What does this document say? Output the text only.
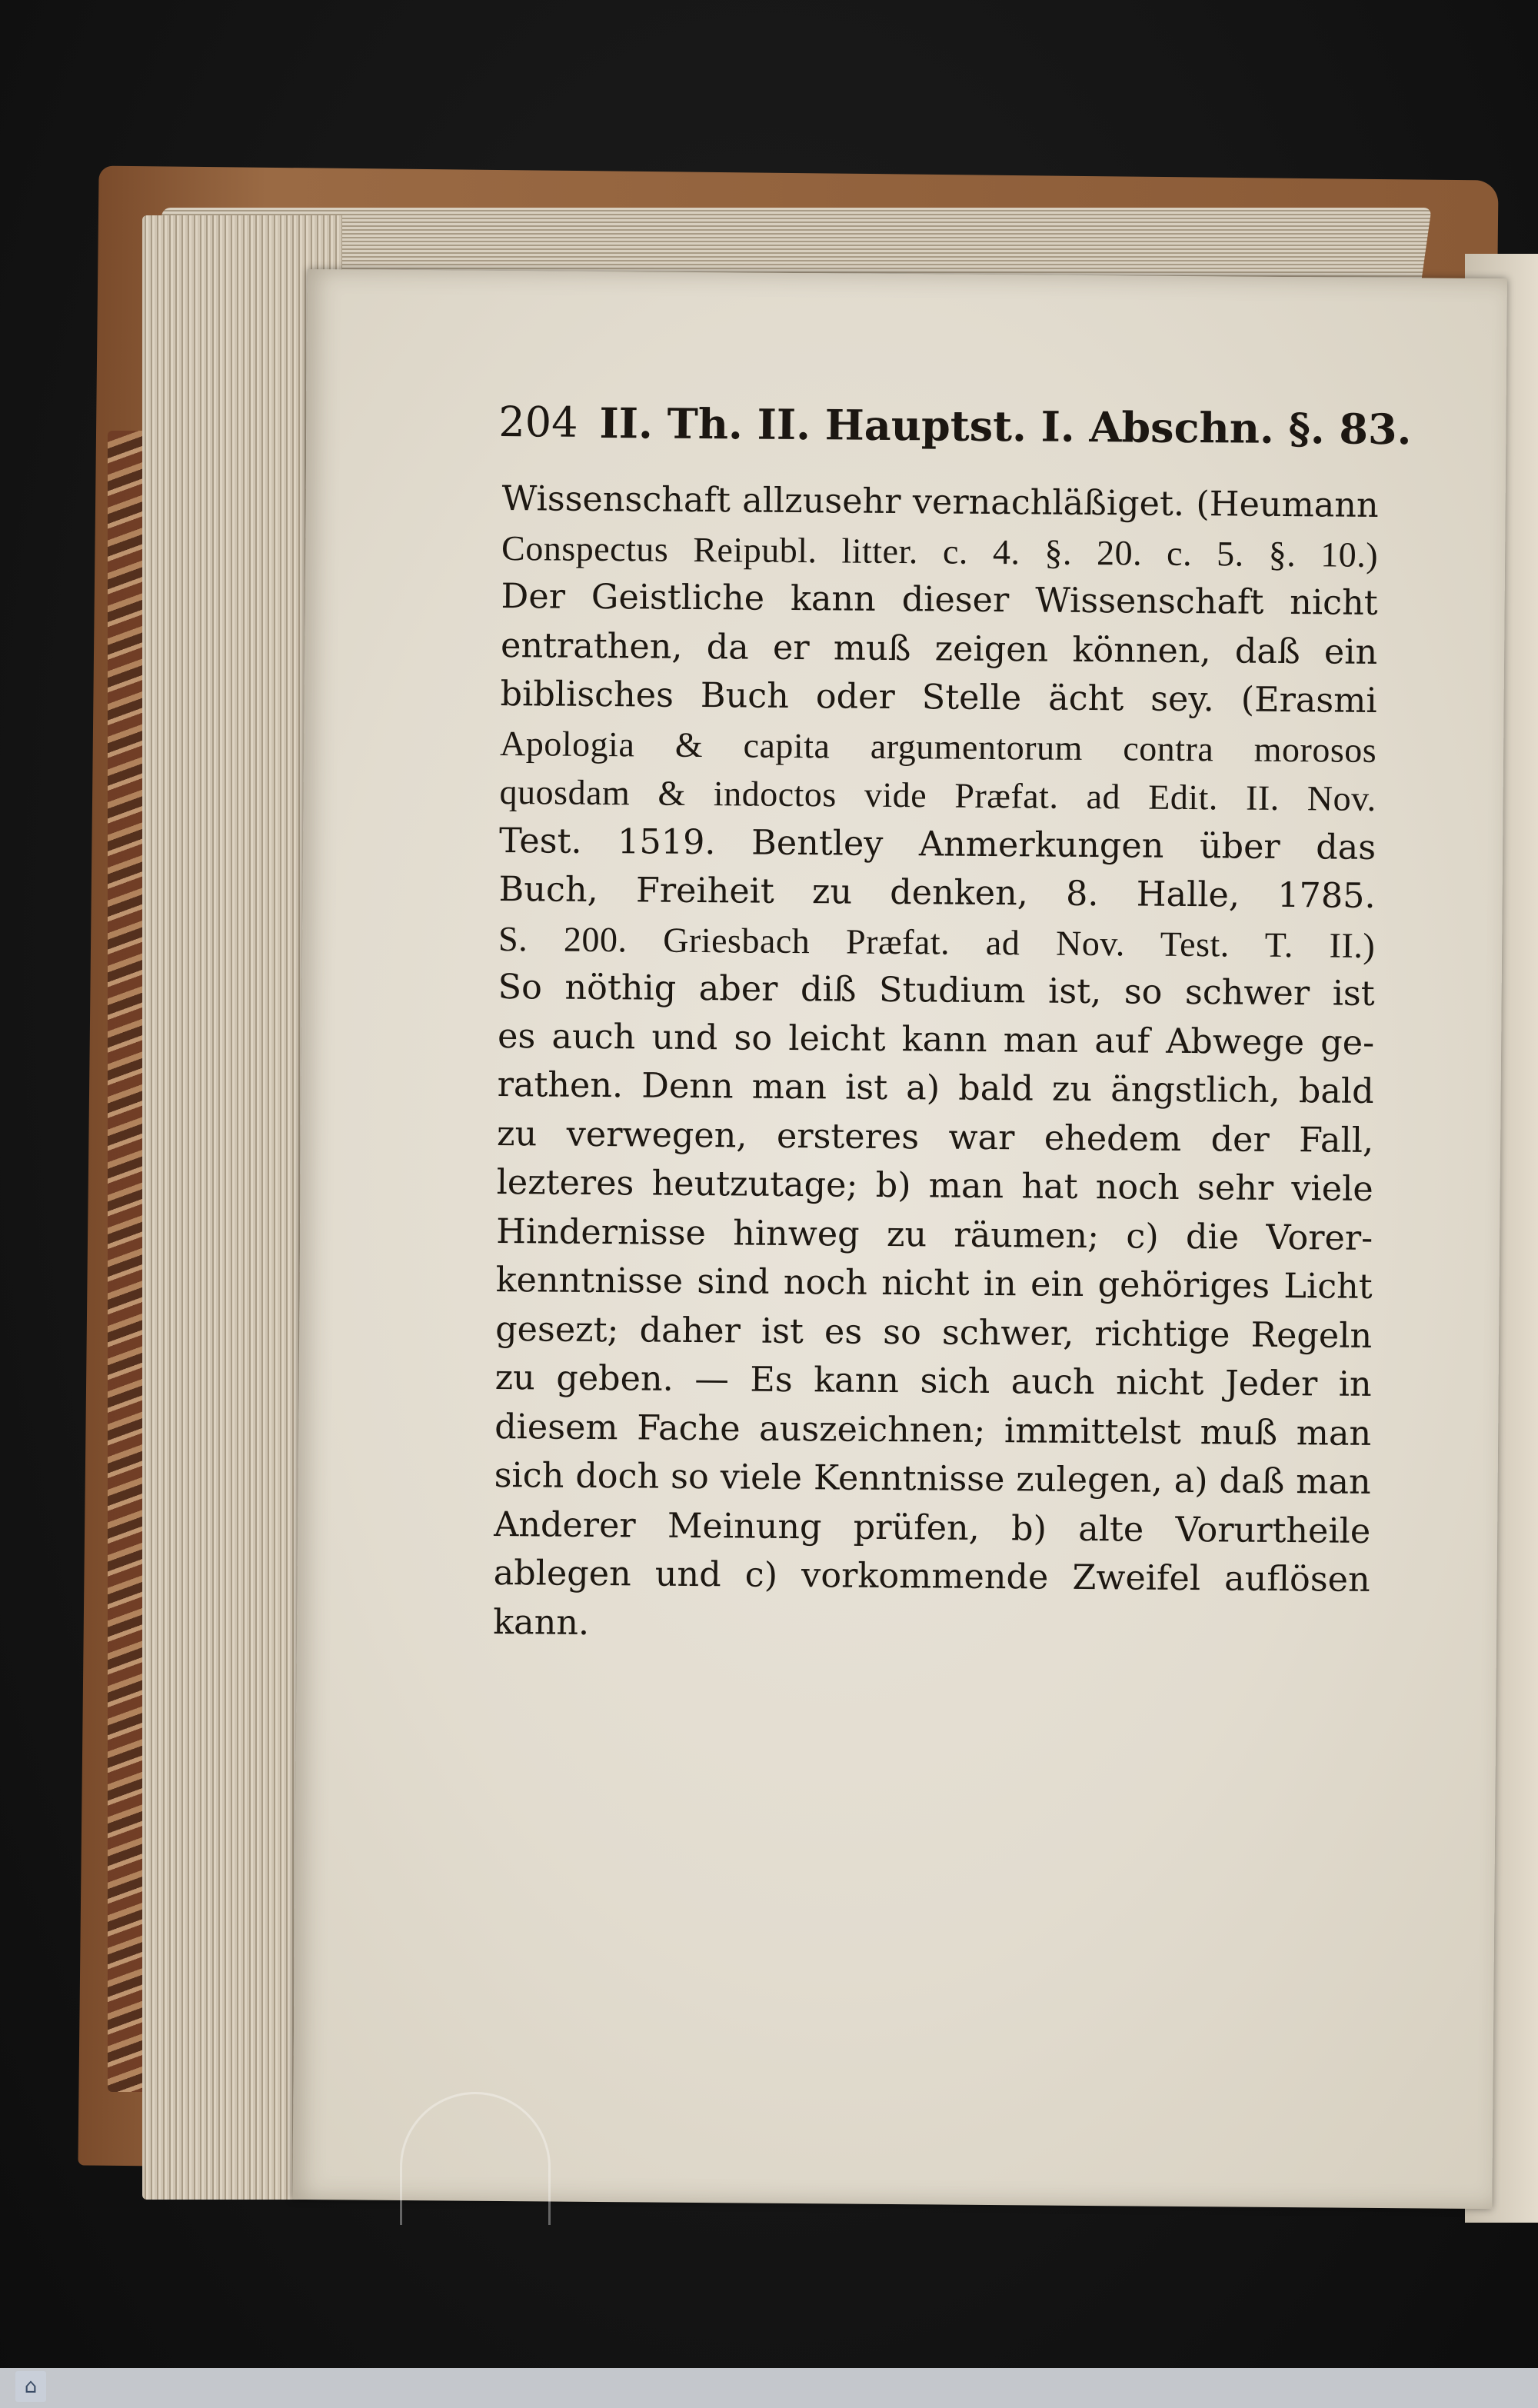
204 II. Th. II. Hauptst. I. Abschn. §. 83.
Wissenschaft allzusehr vernachläßiget. (Heumann
Conspectus Reipubl. litter. c. 4. §. 20. c. 5. §. 10.)
Der Geistliche kann dieser Wissenschaft nicht
entrathen, da er muß zeigen können, daß ein
biblisches Buch oder Stelle ächt sey. (Erasmi
Apologia & capita argumentorum contra morosos
quosdam & indoctos vide Præfat. ad Edit. II. Nov.
Test. 1519. Bentley Anmerkungen über das
Buch, Freiheit zu denken, 8. Halle, 1785.
S. 200. Griesbach Præfat. ad Nov. Test. T. II.)
So nöthig aber diß Studium ist, so schwer ist
es auch und so leicht kann man auf Abwege ge-
rathen. Denn man ist a) bald zu ängstlich, bald
zu verwegen, ersteres war ehedem der Fall,
lezteres heutzutage; b) man hat noch sehr viele
Hindernisse hinweg zu räumen; c) die Vorer-
kenntnisse sind noch nicht in ein gehöriges Licht
gesezt; daher ist es so schwer, richtige Regeln
zu geben. — Es kann sich auch nicht Jeder in
diesem Fache auszeichnen; immittelst muß man
sich doch so viele Kenntnisse zulegen, a) daß man
Anderer Meinung prüfen, b) alte Vorurtheile
ablegen und c) vorkommende Zweifel auflösen
kann.
⌂
